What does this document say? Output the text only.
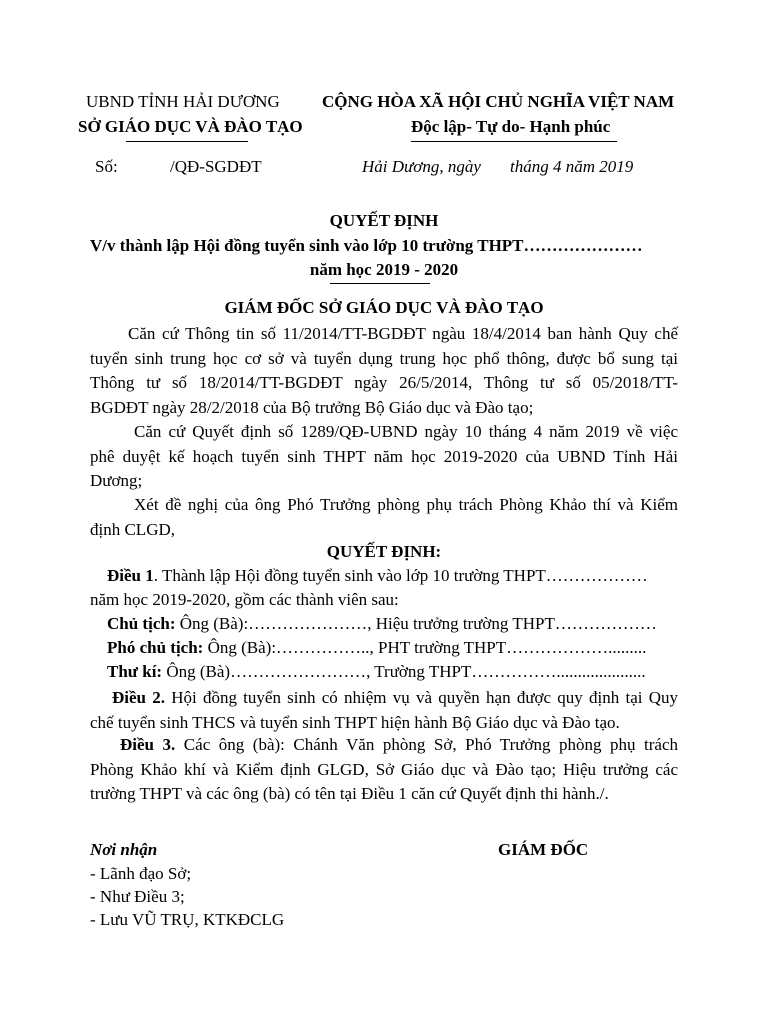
UBND TỈNH HẢI DƯƠNG
SỞ GIÁO DỤC VÀ ĐÀO TẠO
CỘNG HÒA XÃ HỘI CHỦ NGHĨA VIỆT NAM
Độc lập- Tự do- Hạnh phúc
Số:	/QĐ-SGDĐT	Hải Dương, ngày tháng 4 năm 2019
QUYẾT ĐỊNH
V/v thành lập Hội đồng tuyển sinh vào lớp 10 trường THPT…………………
năm học 2019 - 2020
GIÁM ĐỐC SỞ GIÁO DỤC VÀ ĐÀO TẠO
Căn cứ Thông tin số 11/2014/TT-BGDĐT ngàu 18/4/2014 ban hành Quy chế
tuyển sinh trung học cơ sở và tuyển dụng trung học phổ thông, được bổ sung tại
Thông tư số 18/2014/TT-BGDĐT ngày 26/5/2014, Thông tư số 05/2018/TT-
BGDĐT ngày 28/2/2018 của Bộ trưởng Bộ Giáo dục và Đào tạo;
Căn cứ Quyết định số 1289/QĐ-UBND ngày 10 tháng 4 năm 2019 về việc
phê duyệt kế hoạch tuyển sinh THPT năm học 2019-2020 của UBND Tỉnh Hải
Dương;
Xét đề nghị của ông Phó Trưởng phòng phụ trách Phòng Khảo thí và Kiểm
định CLGD,
QUYẾT ĐỊNH:
Điều 1. Thành lập Hội đồng tuyển sinh vào lớp 10 trường THPT………………
năm học 2019-2020, gồm các thành viên sau:
Chủ tịch: Ông (Bà):…………………, Hiệu trưởng trường THPT………………
Phó chủ tịch: Ông (Bà):…………….., PHT trường THPT……………….........
Thư kí: Ông (Bà)……………………, Trường THPT…………….....................
Điều 2. Hội đồng tuyển sinh có nhiệm vụ và quyền hạn được quy định tại Quy
chế tuyển sinh THCS và tuyển sinh THPT hiện hành Bộ Giáo dục và Đào tạo.
Điều 3. Các ông (bà): Chánh Văn phòng Sở, Phó Trưởng phòng phụ trách
Phòng Khảo khí và Kiểm định GLGD, Sở Giáo dục và Đào tạo; Hiệu trưởng các
trường THPT và các ông (bà) có tên tại Điều 1 căn cứ Quyết định thi hành./.
Nơi nhận
- Lãnh đạo Sở;
- Như Điều 3;
- Lưu VŨ TRỤ, KTKĐCLG
GIÁM ĐỐC
